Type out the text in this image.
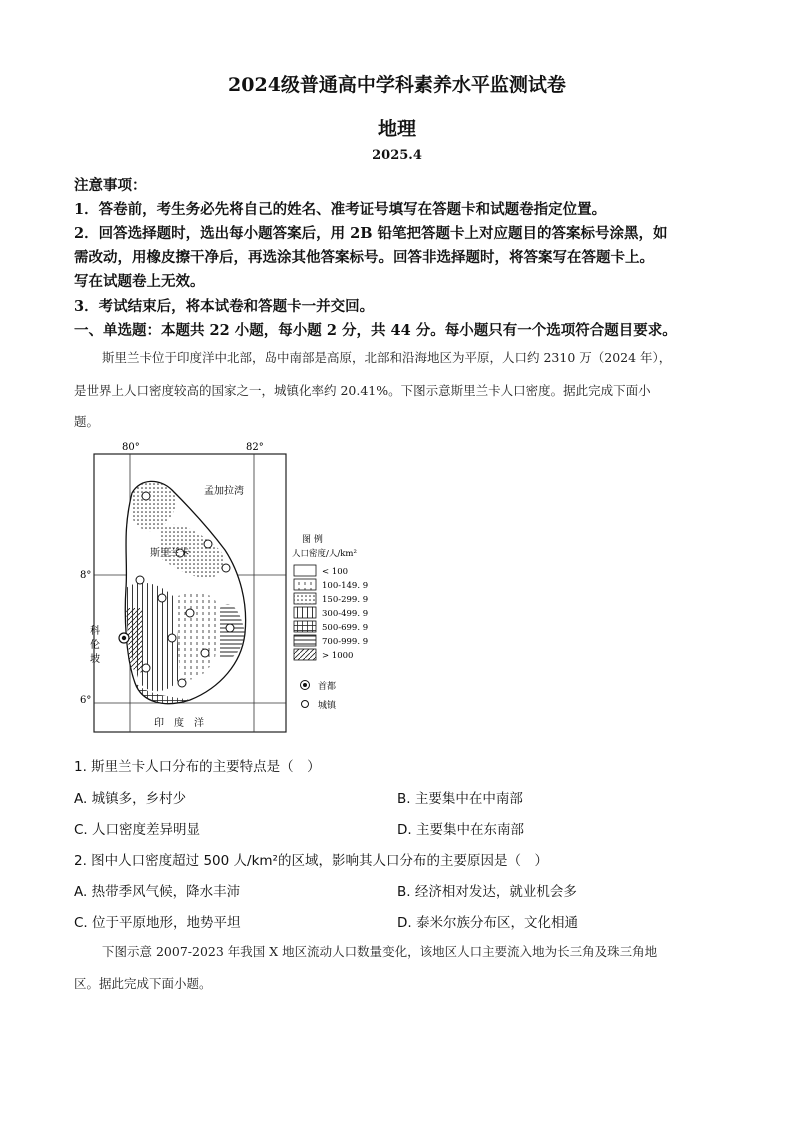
2024级普通高中学科素养水平监测试卷
地理
2025.4
注意事项：
1．答卷前，考生务必先将自己的姓名、准考证号填写在答题卡和试题卷指定位置。
2．回答选择题时，选出每小题答案后，用 2B 铅笔把答题卡上对应题目的答案标号涂黑，如
需改动，用橡皮擦干净后，再选涂其他答案标号。回答非选择题时，将答案写在答题卡上。
写在试题卷上无效。
3．考试结束后，将本试卷和答题卡一并交回。
一、单选题：本题共 22 小题，每小题 2 分，共 44 分。每小题只有一个选项符合题目要求。
斯里兰卡位于印度洋中北部，岛中南部是高原，北部和沿海地区为平原，人口约 2310 万（2024 年），
是世界上人口密度较高的国家之一，城镇化率约 20.41%。下图示意斯里兰卡人口密度。据此完成下面小
题。
80°	82°
8°
6°
孟加拉湾
斯里兰卡
科
伦
坡
印　度　洋
图 例
人口密度/人/km²
< 100
100-149. 9
150-299. 9
300-499. 9
500-699. 9
700-999. 9
> 1000
首都
城镇
1. 斯里兰卡人口分布的主要特点是（　）
A. 城镇多，乡村少	B. 主要集中在中南部
C. 人口密度差异明显	D. 主要集中在东南部
2. 图中人口密度超过 500 人/km²的区域，影响其人口分布的主要原因是（　）
A. 热带季风气候，降水丰沛	B. 经济相对发达，就业机会多
C. 位于平原地形，地势平坦	D. 泰米尔族分布区，文化相通
下图示意 2007-2023 年我国 X 地区流动人口数量变化，该地区人口主要流入地为长三角及珠三角地
区。据此完成下面小题。
